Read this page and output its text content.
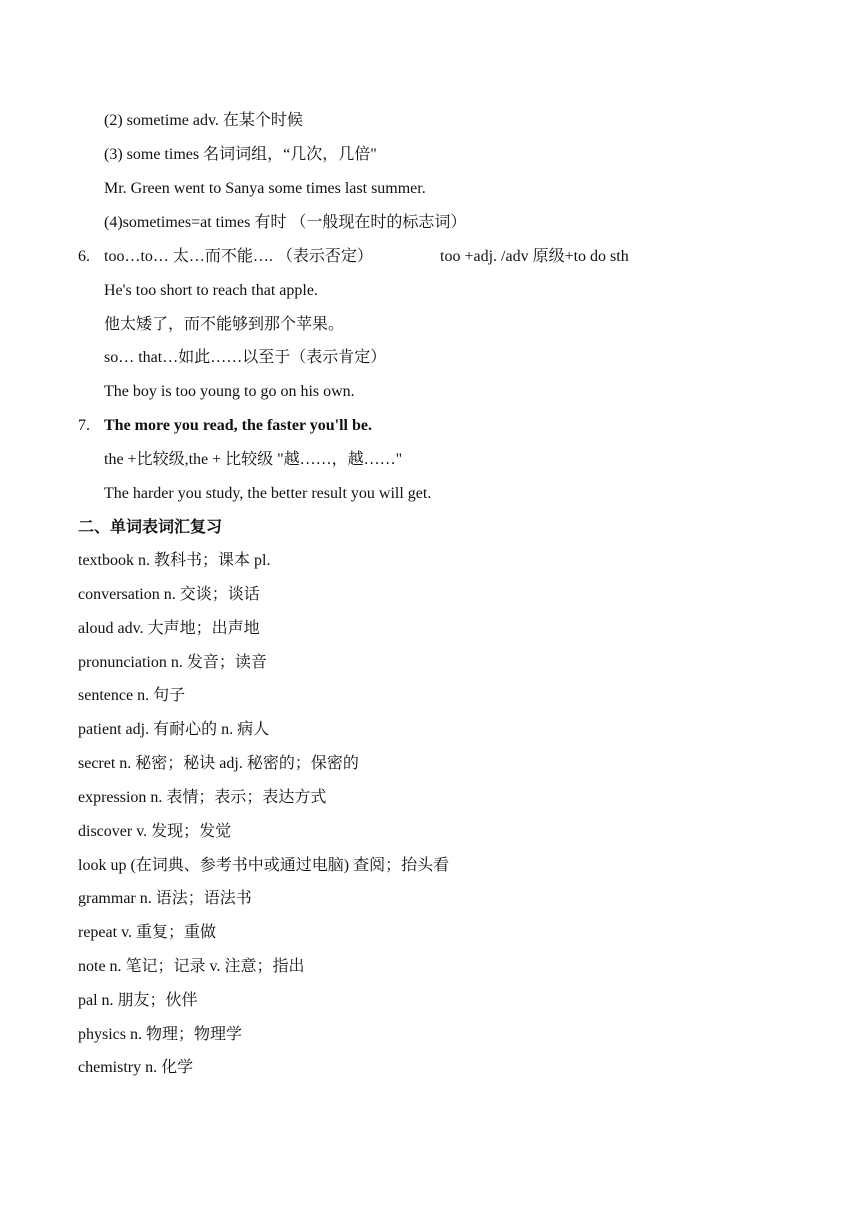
(2) sometime adv. 在某个时候
(3) some times 名词词组，“几次，几倍"
Mr. Green went to Sanya some times last summer.
(4)sometimes=at times 有时 （一般现在时的标志词）
6. too…to… 太…而不能…. （表示否定）	too +adj. /adv 原级+to do sth
He's too short to reach that apple.
他太矮了，而不能够到那个苹果。
so… that…如此……以至于（表示肯定）
The boy is too young to go on his own.
7. The more you read, the faster you'll be.
the +比较级,the + 比较级 "越……，越……"
The harder you study, the better result you will get.
二、单词表词汇复习
textbook n. 教科书；课本 pl.
conversation n. 交谈；谈话
aloud adv. 大声地；出声地
pronunciation n. 发音；读音
sentence n. 句子
patient adj. 有耐心的 n. 病人
secret n. 秘密；秘诀 adj. 秘密的；保密的
expression n. 表情；表示；表达方式
discover v. 发现；发觉
look up (在词典、参考书中或通过电脑) 查阅；抬头看
grammar n. 语法；语法书
repeat v. 重复；重做
note n. 笔记；记录 v. 注意；指出
pal n. 朋友；伙伴
physics n. 物理；物理学
chemistry n. 化学
